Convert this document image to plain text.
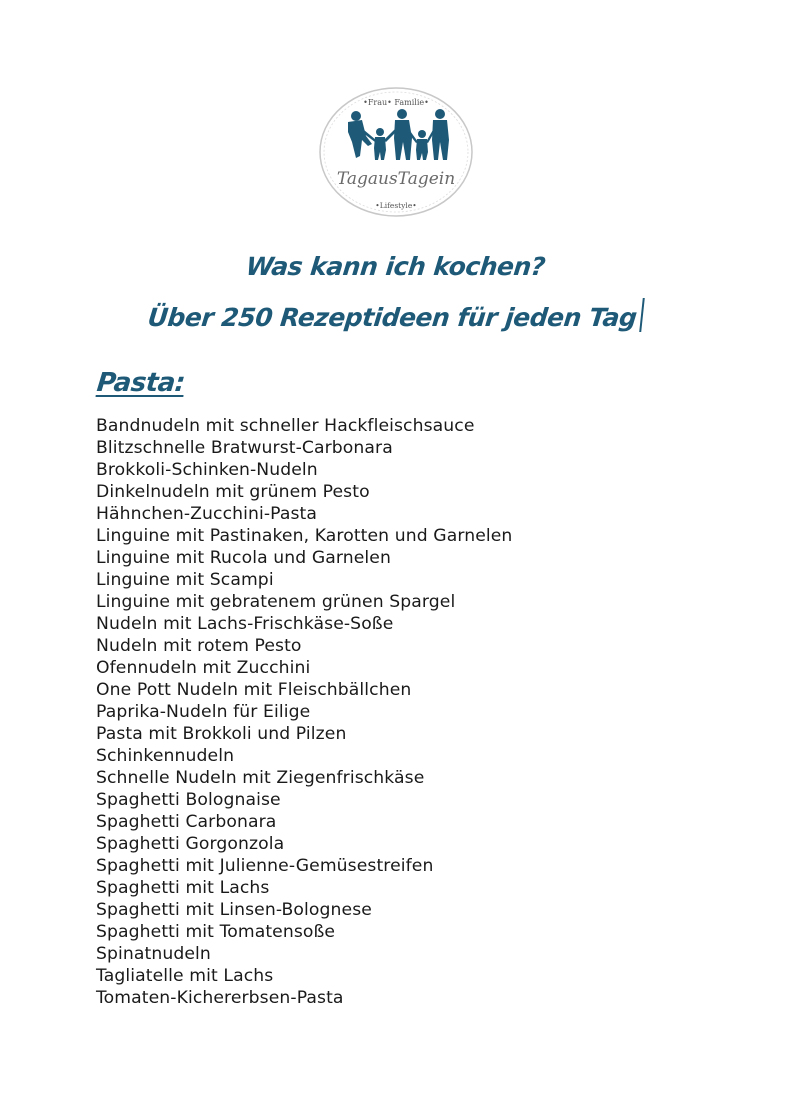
•Frau• Familie•
TagausTagein
•Lifestyle•
Was kann ich kochen?
Über 250 Rezeptideen für jeden Tag
Pasta:
Bandnudeln mit schneller Hackfleischsauce
Blitzschnelle Bratwurst-Carbonara
Brokkoli-Schinken-Nudeln
Dinkelnudeln mit grünem Pesto
Hähnchen-Zucchini-Pasta
Linguine mit Pastinaken, Karotten und Garnelen
Linguine mit Rucola und Garnelen
Linguine mit Scampi
Linguine mit gebratenem grünen Spargel
Nudeln mit Lachs-Frischkäse-Soße
Nudeln mit rotem Pesto
Ofennudeln mit Zucchini
One Pott Nudeln mit Fleischbällchen
Paprika-Nudeln für Eilige
Pasta mit Brokkoli und Pilzen
Schinkennudeln
Schnelle Nudeln mit Ziegenfrischkäse
Spaghetti Bolognaise
Spaghetti Carbonara
Spaghetti Gorgonzola
Spaghetti mit Julienne-Gemüsestreifen
Spaghetti mit Lachs
Spaghetti mit Linsen-Bolognese
Spaghetti mit Tomatensoße
Spinatnudeln
Tagliatelle mit Lachs
Tomaten-Kichererbsen-Pasta
